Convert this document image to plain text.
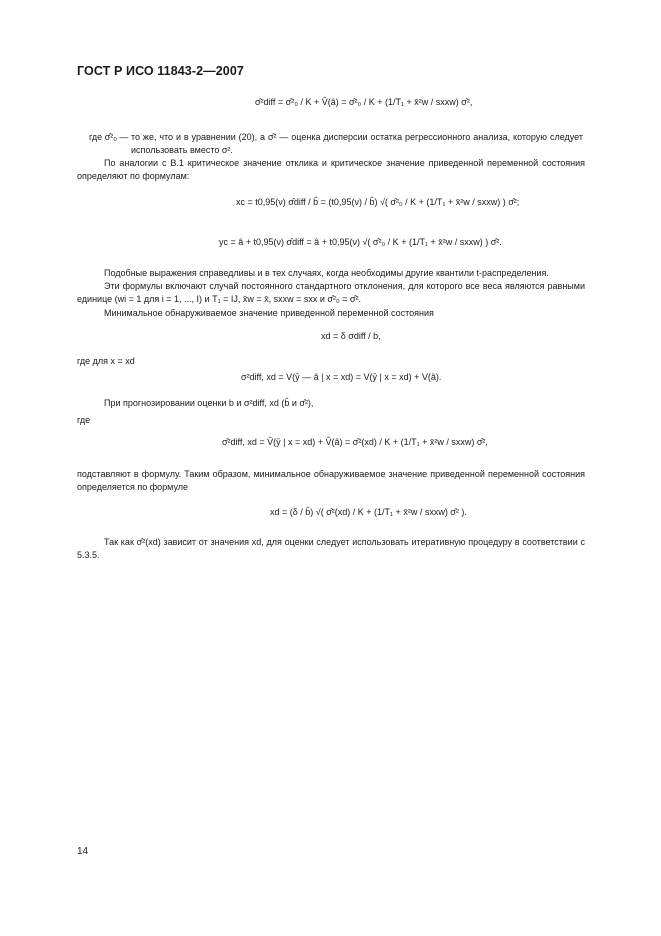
ГОСТ Р ИСО 11843-2—2007
σ̂²diff = σ̂²₀ / K + V̂(â) = σ̂²₀ / K + (1/T₁ + x̄²w / sxxw) σ̂²,
где σ̂²₀ — то же, что и в уравнении (20), а σ̂² — оценка дисперсии остатка регрессионного анализа, которую следует использовать вместо σ².
По аналогии с В.1 критическое значение отклика и критическое значение приведенной переменной состояния определяют по формулам:
xc = t0,95(ν) σ̂diff / b̂ = (t0,95(ν) / b̂) √( σ̂²₀ / K + (1/T₁ + x̄²w / sxxw) ) σ̂²;
yc = â + t0,95(ν) σ̂diff = â + t0,95(ν) √( σ̂²₀ / K + (1/T₁ + x̄²w / sxxw) ) σ̂².
Подобные выражения справедливы и в тех случаях, когда необходимы другие квантили t-распределения.
Эти формулы включают случай постоянного стандартного отклонения, для которого все веса являются равными единице (wi = 1 для i = 1, ..., I) и T₁ = IJ, x̄w = x̄, sxxw = sxx и σ̂²₀ = σ̂².
Минимальное обнаруживаемое значение приведенной переменной состояния
xd = δ σdiff / b,
где для x = xd
σ²diff, xd = V(ȳ — â | x = xd) = V(ȳ | x = xd) + V(â).
При прогнозировании оценки b и σ²diff, xd (b̂ и σ̂²),
где
σ̂²diff, xd = V̂(ȳ | x = xd) + V̂(â) = σ̂²(xd) / K + (1/T₁ + x̄²w / sxxw) σ̂²,
подставляют в формулу. Таким образом, минимальное обнаруживаемое значение приведенной переменной состояния определяется по формуле
xd = (δ / b̂) √( σ̂²(xd) / K + (1/T₁ + x̄²w / sxxw) σ̂² ).
Так как σ̂²(xd) зависит от значения xd, для оценки следует использовать итеративную процедуру в соответствии с 5.3.5.
14
